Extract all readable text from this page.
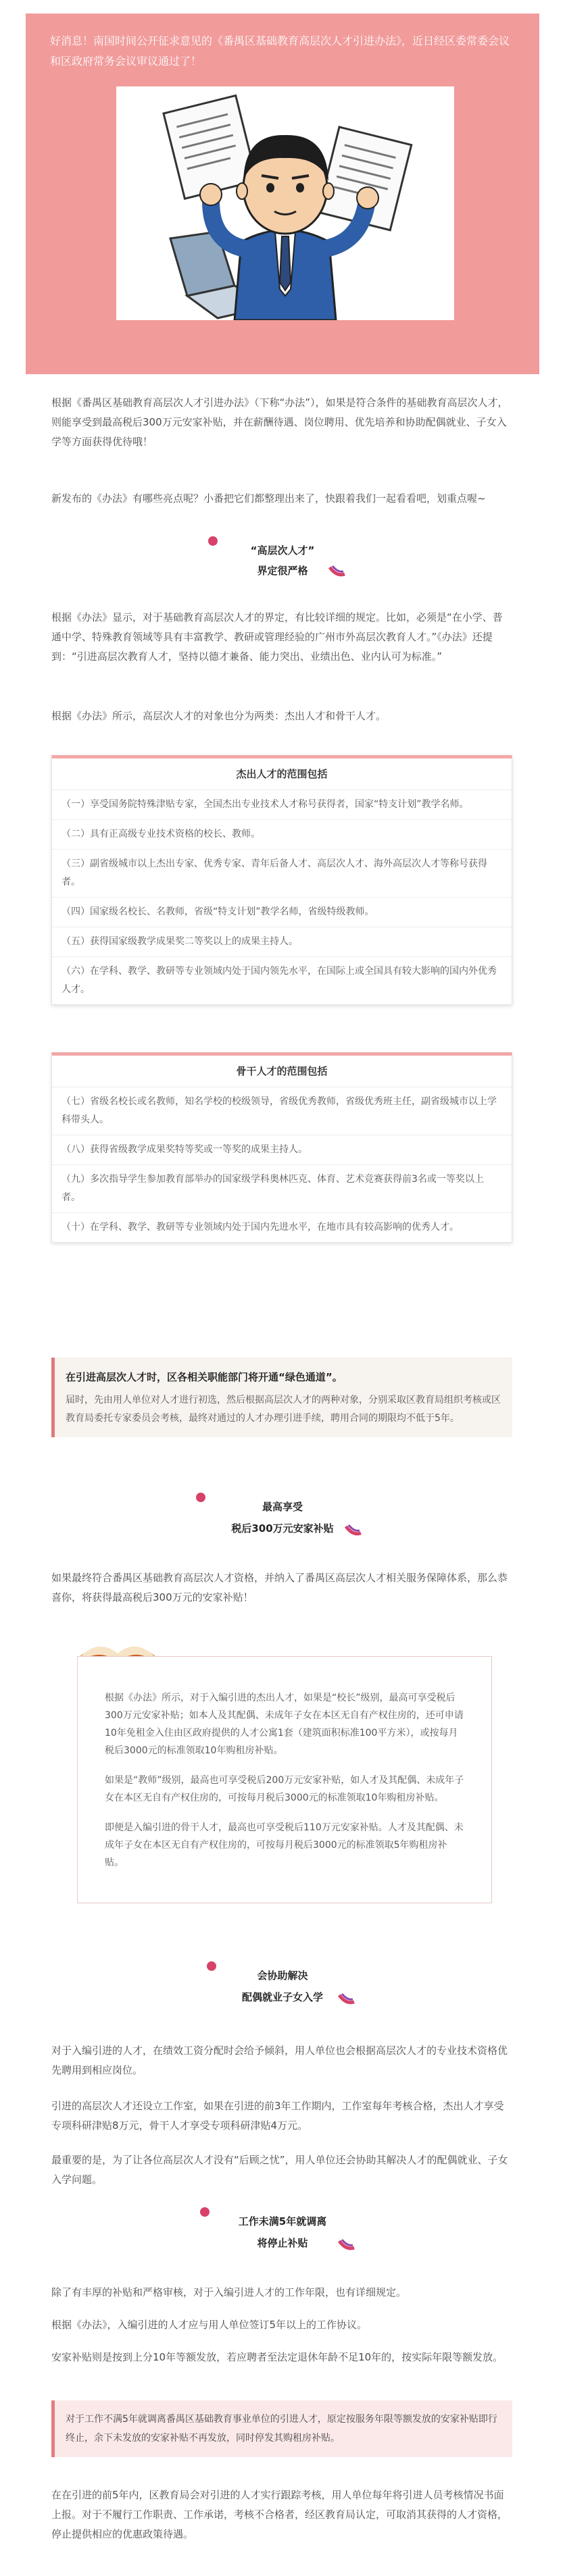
好消息！南国时间公开征求意见的《番禺区基础教育高层次人才引进办法》，近日经区委常委会议和区政府常务会议审议通过了！
根据《番禺区基础教育高层次人才引进办法》（下称“办法”），如果是符合条件的基础教育高层次人才，则能享受到最高税后300万元安家补贴，并在薪酬待遇、岗位聘用、优先培养和协助配偶就业、子女入学等方面获得优待哦！
新发布的《办法》有哪些亮点呢？小番把它们都整理出来了，快跟着我们一起看看吧，划重点喔~
“高层次人才”
界定很严格
根据《办法》显示，对于基础教育高层次人才的界定，有比较详细的规定。比如，必须是“在小学、普通中学、特殊教育领域等具有丰富教学、教研或管理经验的广州市外高层次教育人才。”《办法》还提到：“引进高层次教育人才，坚持以德才兼备、能力突出、业绩出色、业内认可为标准。”
根据《办法》所示，高层次人才的对象也分为两类：杰出人才和骨干人才。
杰出人才的范围包括
（一）享受国务院特殊津贴专家，全国杰出专业技术人才称号获得者，国家“特支计划”教学名师。
（二）具有正高级专业技术资格的校长、教师。
（三）副省级城市以上杰出专家、优秀专家、青年后备人才、高层次人才、海外高层次人才等称号获得者。
（四）国家级名校长、名教师，省级“特支计划”教学名师，省级特级教师。
（五）获得国家级教学成果奖二等奖以上的成果主持人。
（六）在学科、教学、教研等专业领域内处于国内领先水平，在国际上或全国具有较大影响的国内外优秀人才。
骨干人才的范围包括
（七）省级名校长或名教师，知名学校的校级领导，省级优秀教师，省级优秀班主任，副省级城市以上学科带头人。
（八）获得省级教学成果奖特等奖或一等奖的成果主持人。
（九）多次指导学生参加教育部举办的国家级学科奥林匹克、体育、艺术竞赛获得前3名或一等奖以上者。
（十）在学科、教学、教研等专业领域内处于国内先进水平，在地市具有较高影响的优秀人才。
在引进高层次人才时，区各相关职能部门将开通“绿色通道”。
届时，先由用人单位对人才进行初选，然后根据高层次人才的两种对象，分别采取区教育局组织考核或区教育局委托专家委员会考核，最终对通过的人才办理引进手续，聘用合同的期限均不低于5年。
最高享受
税后300万元安家补贴
如果最终符合番禺区基础教育高层次人才资格，并纳入了番禺区高层次人才相关服务保障体系，那么恭喜你，将获得最高税后300万元的安家补贴！

根据《办法》所示，对于入编引进的杰出人才，如果是“校长”级别，最高可享受税后300万元安家补贴；如本人及其配偶、未成年子女在本区无自有产权住房的，还可申请10年免租金入住由区政府提供的人才公寓1套（建筑面积标准100平方米），或按每月税后3000元的标准领取10年购租房补贴。

如果是“教师”级别，最高也可享受税后200万元安家补贴，如人才及其配偶、未成年子女在本区无自有产权住房的，可按每月税后3000元的标准领取10年购租房补贴。

即便是入编引进的骨干人才，最高也可享受税后110万元安家补贴。人才及其配偶、未成年子女在本区无自有产权住房的，可按每月税后3000元的标准领取5年购租房补贴。

会协助解决
配偶就业子女入学
对于入编引进的人才，在绩效工资分配时会给予倾斜，用人单位也会根据高层次人才的专业技术资格优先聘用到相应岗位。
引进的高层次人才还设立工作室，如果在引进的前3年工作期内，工作室每年考核合格，杰出人才享受专项科研津贴8万元，骨干人才享受专项科研津贴4万元。
最重要的是，为了让各位高层次人才没有“后顾之忧”，用人单位还会协助其解决人才的配偶就业、子女入学问题。
工作未满5年就调离
将停止补贴
除了有丰厚的补贴和严格审核，对于入编引进人才的工作年限，也有详细规定。
根据《办法》，入编引进的人才应与用人单位签订5年以上的工作协议。
安家补贴则是按到上分10年等额发放，若应聘者至法定退休年龄不足10年的，按实际年限等额发放。
对于工作不满5年就调离番禺区基础教育事业单位的引进人才，原定按服务年限等额发放的安家补贴即行终止，余下未发放的安家补贴不再发放，同时停发其购租房补贴。
在在引进的前5年内，区教育局会对引进的人才实行跟踪考核，用人单位每年将引进人员考核情况书面上报。对于不履行工作职责、工作承诺，考核不合格者，经区教育局认定，可取消其获得的人才资格，停止提供相应的优惠政策待遇。
